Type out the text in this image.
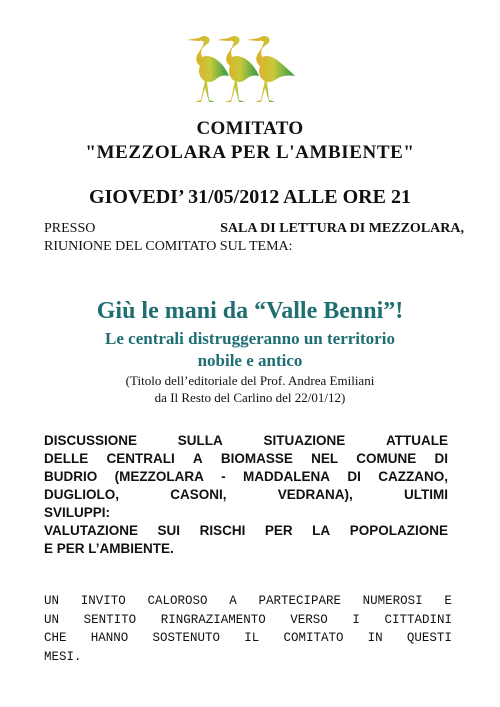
COMITATO
"MEZZOLARA PER L'AMBIENTE"
GIOVEDI’ 31/05/2012 ALLE ORE 21
PRESSO	SALA DI LETTURA DI MEZZOLARA,
RIUNIONE DEL COMITATO SUL TEMA:
Giù le mani da “Valle Benni”!
Le centrali distruggeranno un territorio
nobile e antico
(Titolo dell’editoriale del Prof. Andrea Emiliani
da Il Resto del Carlino del 22/01/12)
DISCUSSIONE	SULLA	SITUAZIONE	ATTUALE
DELLE CENTRALI A BIOMASSE NEL COMUNE DI
BUDRIO (MEZZOLARA - MADDALENA DI CAZZANO,
DUGLIOLO,	CASONI,	VEDRANA),	ULTIMI
SVILUPPI:
VALUTAZIONE SUI RISCHI PER LA POPOLAZIONE
E PER L’AMBIENTE.
UN INVITO CALOROSO A PARTECIPARE NUMEROSI E
UN SENTITO RINGRAZIAMENTO VERSO I CITTADINI
CHE HANNO SOSTENUTO IL COMITATO IN QUESTI
MESI.
